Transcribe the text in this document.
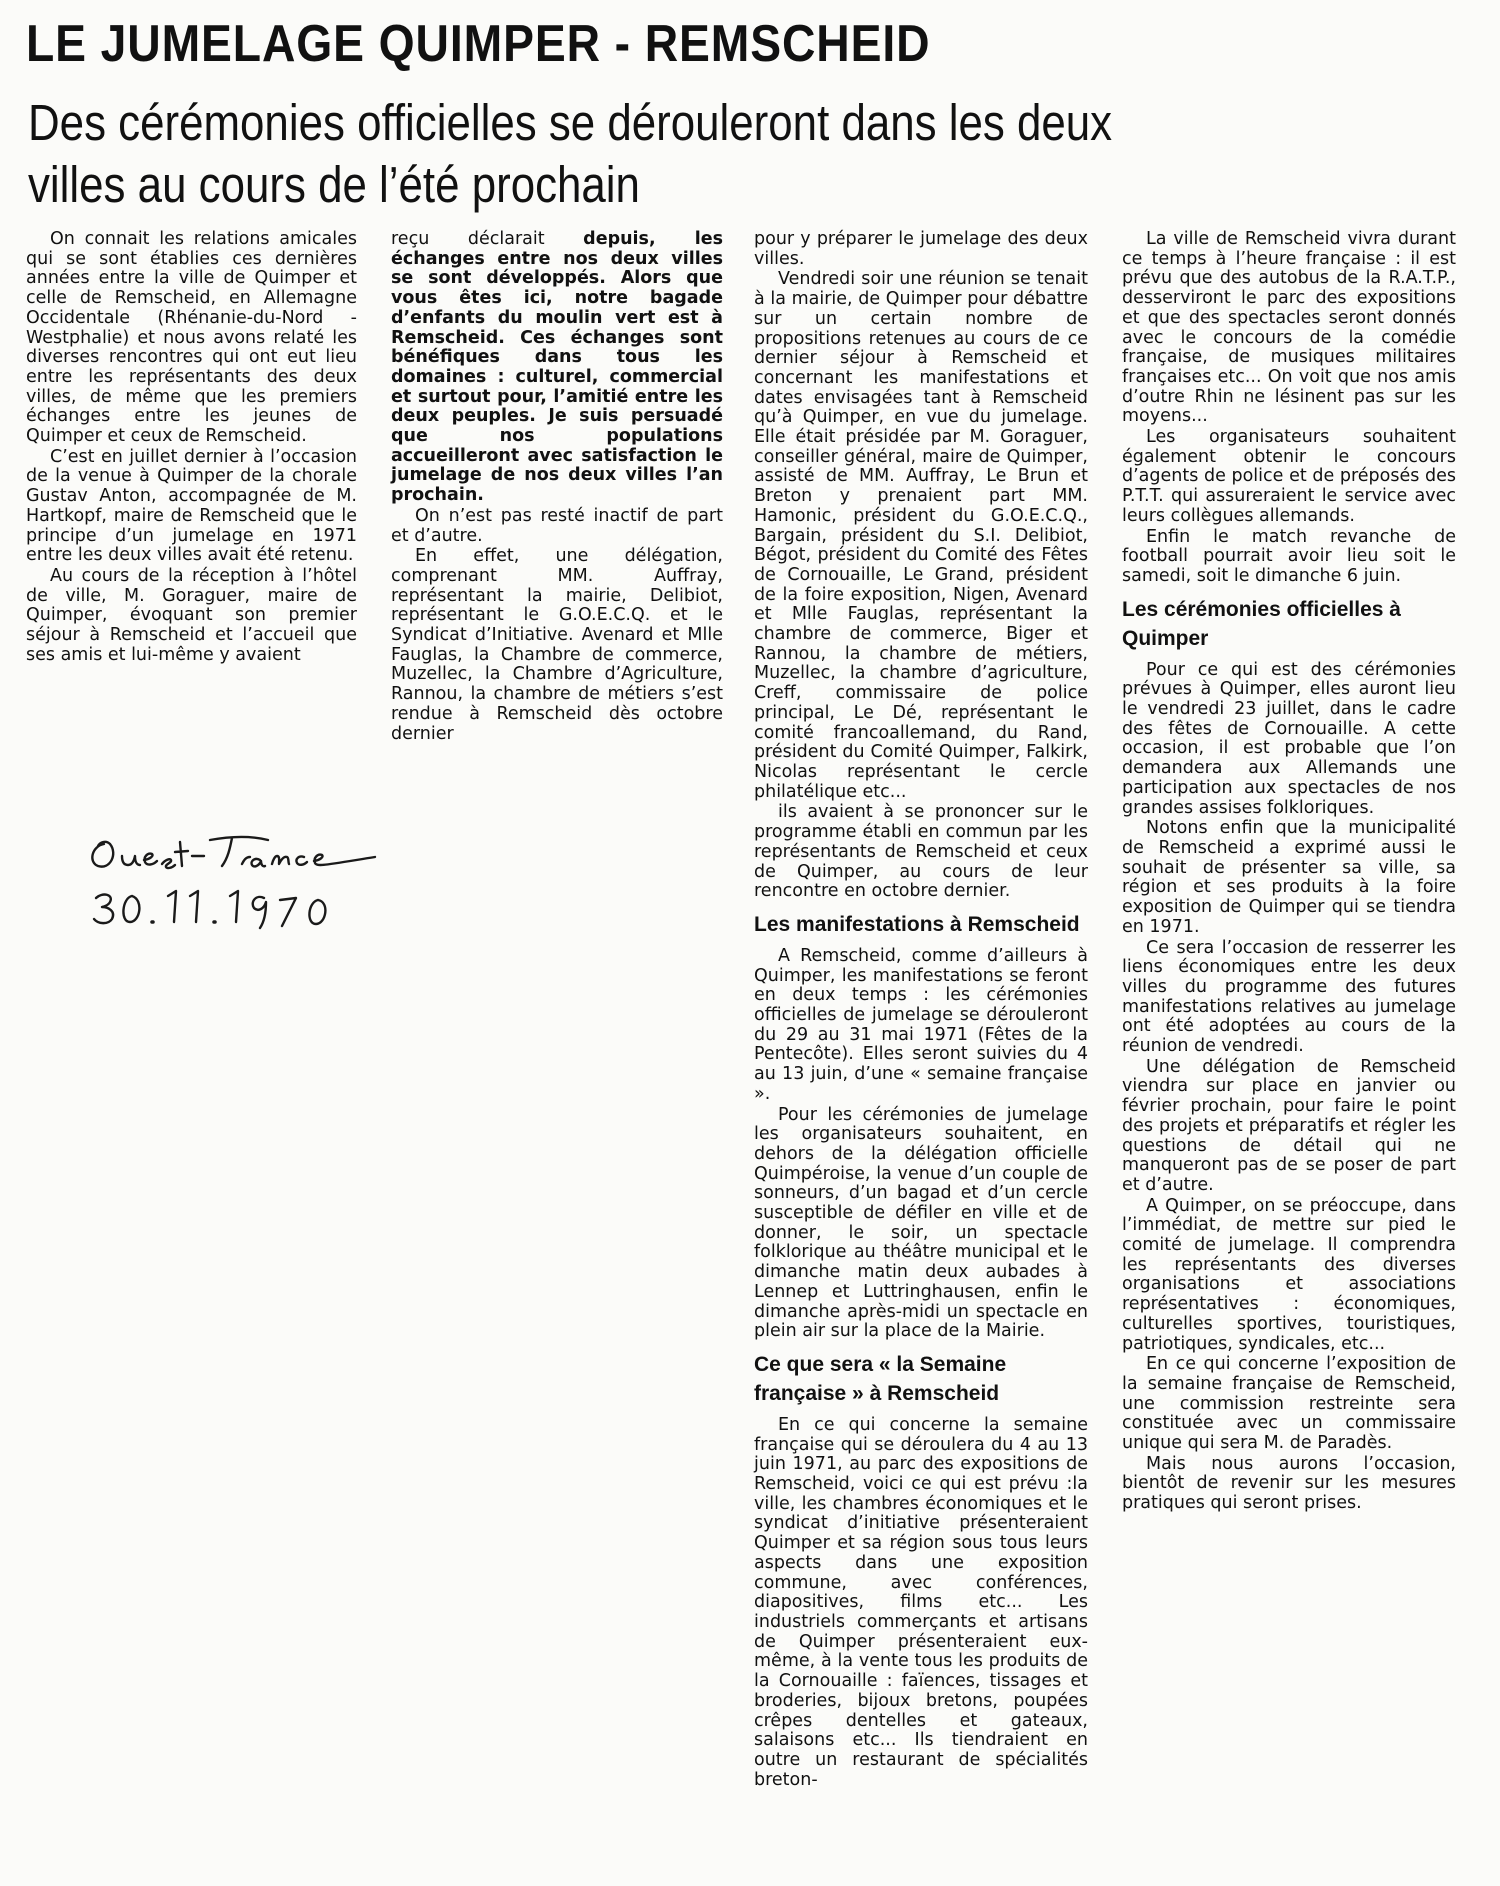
LE JUMELAGE QUIMPER - REMSCHEID
Des cérémonies officielles se dérouleront dans les deux villes au cours de l’été prochain

On connait les relations amicales qui se sont établies ces dernières années entre la ville de Quimper et celle de Remscheid, en Allemagne Occidentale (Rhénanie-du-Nord - Westphalie) et nous avons relaté les diverses rencontres qui ont eut lieu entre les représentants des deux villes, de même que les premiers échanges entre les jeunes de Quimper et ceux de Remscheid.

C’est en juillet dernier à l’occasion de la venue à Quimper de la chorale Gustav Anton, accompagnée de M. Hartkopf, maire de Remscheid que le principe d’un jumelage en 1971 entre les deux villes avait été retenu.

Au cours de la réception à l’hôtel de ville, M. Goraguer, maire de Quimper, évoquant son premier séjour à Remscheid et l’accueil que ses amis et lui-même y avaient

reçu déclarait depuis, les échanges entre nos deux villes se sont développés. Alors que vous êtes ici, notre bagade d’enfants du moulin vert est à Remscheid. Ces échanges sont bénéfiques dans tous les domaines : culturel, commercial et surtout pour, l’amitié entre les deux peuples. Je suis persuadé que nos populations accueilleront avec satisfaction le jumelage de nos deux villes l’an prochain.

On n’est pas resté inactif de part et d’autre.

En effet, une délégation, comprenant MM. Auffray, représentant la mairie, Delibiot, représentant le G.O.E.C.Q. et le Syndicat d’Initiative. Avenard et Mlle Fauglas, la Chambre de commerce, Muzellec, la Chambre d’Agriculture, Rannou, la chambre de métiers s’est rendue à Remscheid dès octobre dernier

pour y préparer le jumelage des deux villes.

Vendredi soir une réunion se tenait à la mairie, de Quimper pour débattre sur un certain nombre de propositions retenues au cours de ce dernier séjour à Remscheid et concernant les manifestations et dates envisagées tant à Remscheid qu’à Quimper, en vue du jumelage. Elle était présidée par M. Goraguer, conseiller général, maire de Quimper, assisté de MM. Auffray, Le Brun et Breton y prenaient part MM. Hamonic, président du G.O.E.C.Q., Bargain, président du S.I. Delibiot, Bégot, président du Comité des Fêtes de Cornouaille, Le Grand, président de la foire exposition, Nigen, Avenard et Mlle Fauglas, représentant la chambre de commerce, Biger et Rannou, la chambre de métiers, Muzellec, la chambre d’agriculture, Creff, commissaire de police principal, Le Dé, représentant le comité francoallemand, du Rand, président du Comité Quimper, Falkirk, Nicolas représentant le cercle philatélique etc...

ils avaient à se prononcer sur le programme établi en commun par les représentants de Remscheid et ceux de Quimper, au cours de leur rencontre en octobre dernier.

Les manifestations à Remscheid

A Remscheid, comme d’ailleurs à Quimper, les manifestations se feront en deux temps : les cérémonies officielles de jumelage se dérouleront du 29 au 31 mai 1971 (Fêtes de la Pentecôte). Elles seront suivies du 4 au 13 juin, d’une « semaine française ».

Pour les cérémonies de jumelage les organisateurs souhaitent, en dehors de la délégation officielle Quimpéroise, la venue d’un couple de sonneurs, d’un bagad et d’un cercle susceptible de défiler en ville et de donner, le soir, un spectacle folklorique au théâtre municipal et le dimanche matin deux aubades à Lennep et Luttringhausen, enfin le dimanche après-midi un spectacle en plein air sur la place de la Mairie.

Ce que sera « la Semaine française » à Remscheid

En ce qui concerne la semaine française qui se déroulera du 4 au 13 juin 1971, au parc des expositions de Remscheid, voici ce qui est prévu :la ville, les chambres économiques et le syndicat d’initiative présenteraient Quimper et sa région sous tous leurs aspects dans une exposition commune, avec conférences, diapositives, films etc... Les industriels commerçants et artisans de Quimper présenteraient eux-même, à la vente tous les produits de la Cornouaille : faïences, tissages et broderies, bijoux bretons, poupées crêpes dentelles et gateaux, salaisons etc... Ils tiendraient en outre un restaurant de spécialités breton-

La ville de Remscheid vivra durant ce temps à l’heure française : il est prévu que des autobus de la R.A.T.P., desserviront le parc des expositions et que des spectacles seront donnés avec le concours de la comédie française, de musiques militaires françaises etc... On voit que nos amis d’outre Rhin ne lésinent pas sur les moyens...

Les organisateurs souhaitent également obtenir le concours d’agents de police et de préposés des P.T.T. qui assureraient le service avec leurs collègues allemands.

Enfin le match revanche de football pourrait avoir lieu soit le samedi, soit le dimanche 6 juin.

Les cérémonies officielles à Quimper

Pour ce qui est des cérémonies prévues à Quimper, elles auront lieu le vendredi 23 juillet, dans le cadre des fêtes de Cornouaille. A cette occasion, il est probable que l’on demandera aux Allemands une participation aux spectacles de nos grandes assises folkloriques.

Notons enfin que la municipalité de Remscheid a exprimé aussi le souhait de présenter sa ville, sa région et ses produits à la foire exposition de Quimper qui se tiendra en 1971.

Ce sera l’occasion de resserrer les liens économiques entre les deux villes du programme des futures manifestations relatives au jumelage ont été adoptées au cours de la réunion de vendredi.

Une délégation de Remscheid viendra sur place en janvier ou février prochain, pour faire le point des projets et préparatifs et régler les questions de détail qui ne manqueront pas de se poser de part et d’autre.

A Quimper, on se préoccupe, dans l’immédiat, de mettre sur pied le comité de jumelage. Il comprendra les représentants des diverses organisations et associations représentatives : économiques, culturelles sportives, touristiques, patriotiques, syndicales, etc...

En ce qui concerne l’exposition de la semaine française de Remscheid, une commission restreinte sera constituée avec un commissaire unique qui sera M. de Paradès.

Mais nous aurons l’occasion, bientôt de revenir sur les mesures pratiques qui seront prises.
